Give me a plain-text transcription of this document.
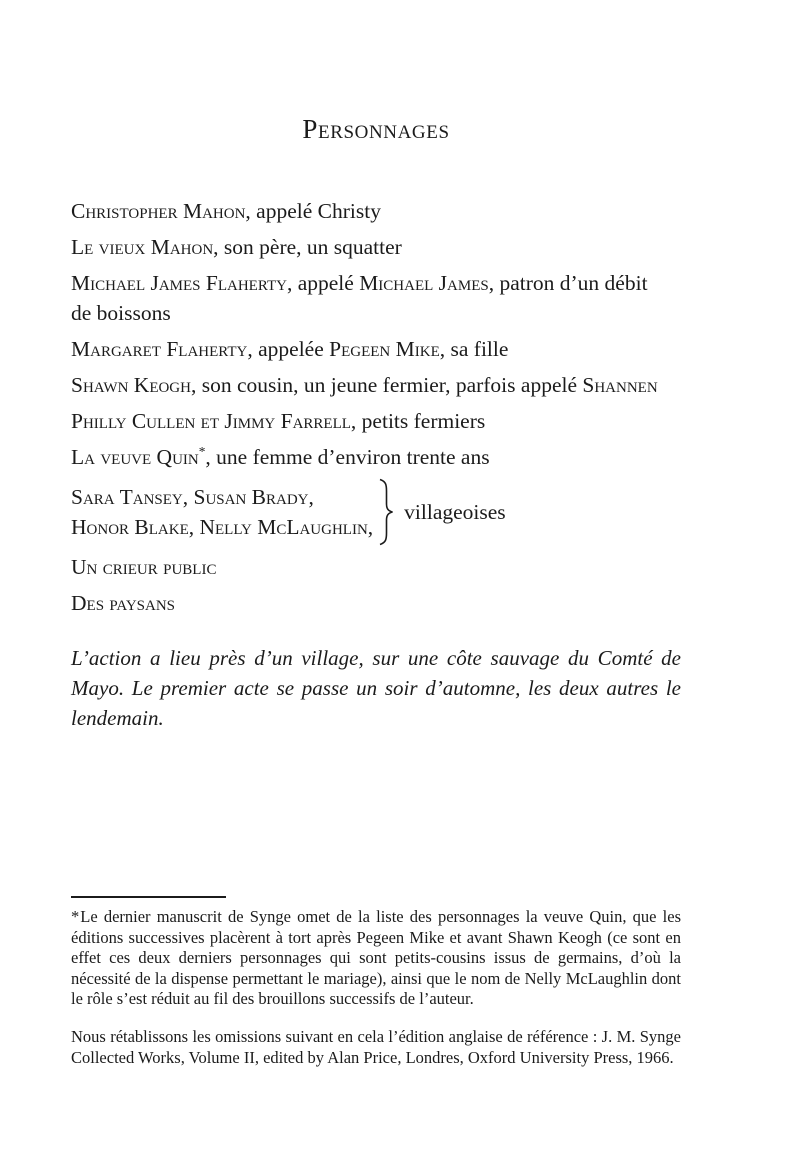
Personnages

Christopher Mahon, appelé Christy

Le vieux Mahon, son père, un squatter

Michael James Flaherty, appelé Michael James, patron d’un débit de boissons

Margaret Flaherty, appelée Pegeen Mike, sa fille

Shawn Keogh, son cousin, un jeune fermier, parfois appelé Shannen

Philly Cullen et Jimmy Farrell, petits fermiers

La veuve Quin*, une femme d’environ trente ans

Sara Tansey, Susan Brady,

Honor Blake, Nelly McLaughlin,

villageoises

Un crieur public

Des paysans

L’action a lieu près d’un village, sur une côte sauvage du Comté de Mayo. Le premier acte se passe un soir d’automne, les deux autres le lendemain.

*Le dernier manuscrit de Synge omet de la liste des personnages la veuve Quin, que les éditions successives placèrent à tort après Pegeen Mike et avant Shawn Keogh (ce sont en effet ces deux derniers personnages qui sont petits-cousins issus de germains, d’où la nécessité de la dispense permettant le mariage), ainsi que le nom de Nelly McLaughlin dont le rôle s’est réduit au fil des brouillons successifs de l’auteur.

Nous rétablissons les omissions suivant en cela l’édition anglaise de référence : J. M. Synge Collected Works, Volume II, edited by Alan Price, Londres, Oxford University Press, 1966.
